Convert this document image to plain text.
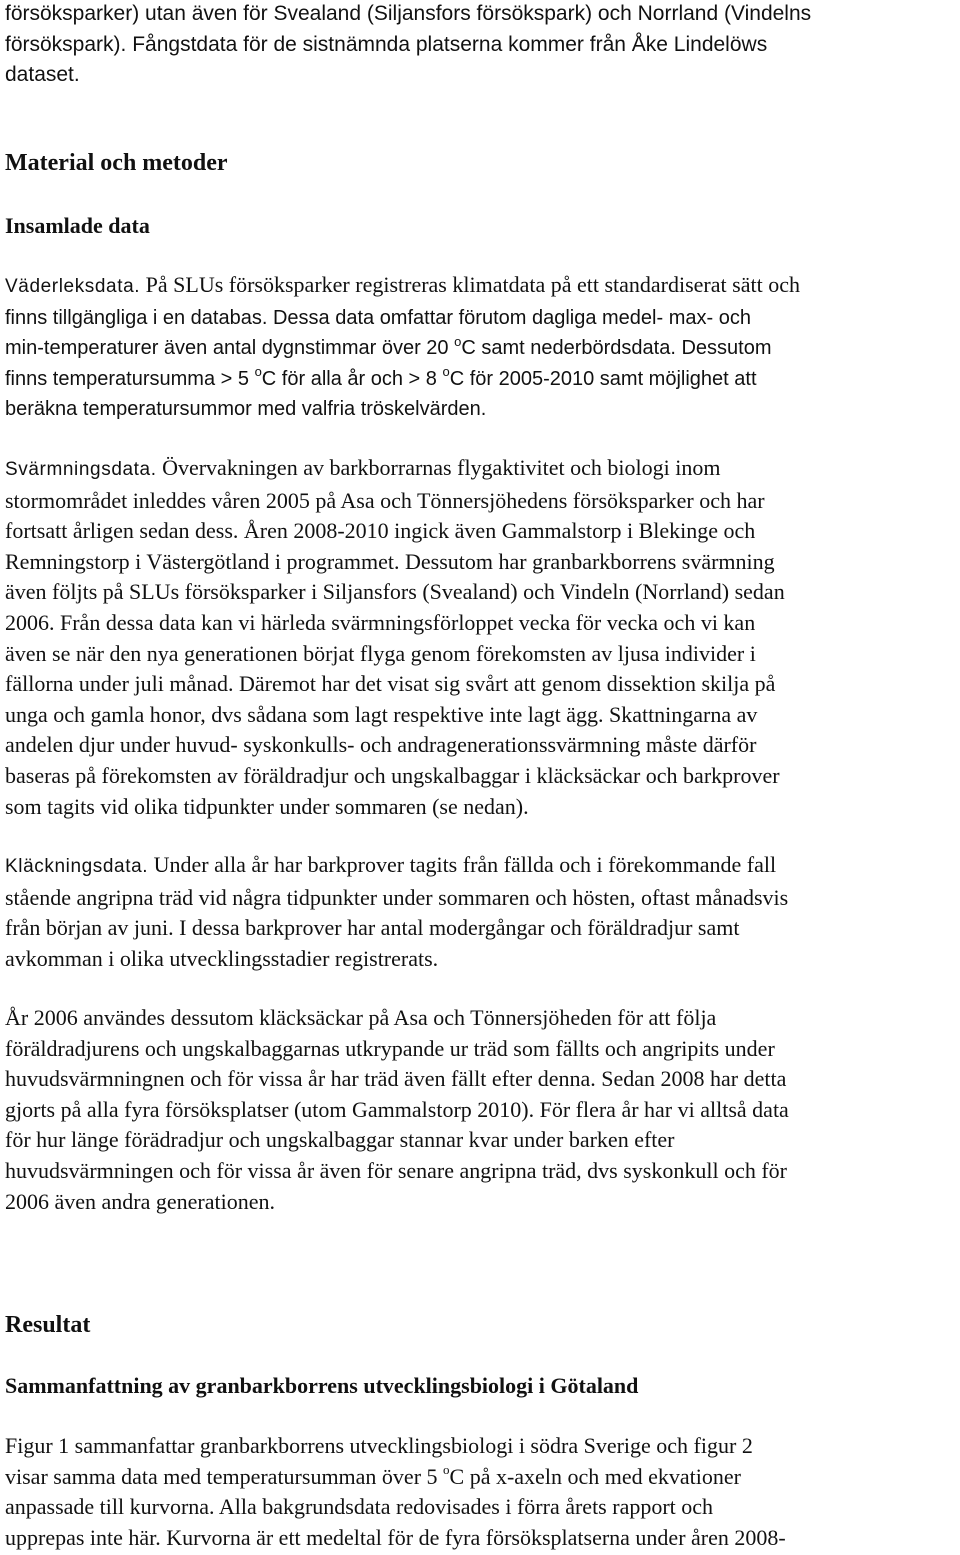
försöksparker) utan även för Svealand (Siljansfors försökspark) och Norrland (Vindelns
försökspark). Fångstdata för de sistnämnda platserna kommer från Åke Lindelöws
dataset.

Material och metoder
Insamlade data

Väderleksdata. På SLUs försöksparker registreras klimatdata på ett standardiserat sätt och
finns tillgängliga i en databas. Dessa data omfattar förutom dagliga medel- max- och
min-temperaturer även antal dygnstimmar över 20 $^o$C samt nederbördsdata. Dessutom
finns temperatursumma > 5 $^o$C för alla år och > 8 $^o$C för 2005-2010 samt möjlighet att
beräkna temperatursummor med valfria tröskelvärden.

Svärmningsdata. Övervakningen av barkborrarnas flygaktivitet och biologi inom
stormområdet inleddes våren 2005 på Asa och Tönnersjöhedens försöksparker och har
fortsatt årligen sedan dess. Åren 2008-2010 ingick även Gammalstorp i Blekinge och
Remningstorp i Västergötland i programmet. Dessutom har granbarkborrens svärmning
även följts på SLUs försöksparker i Siljansfors (Svealand) och Vindeln (Norrland) sedan
2006. Från dessa data kan vi härleda svärmningsförloppet vecka för vecka och vi kan
även se när den nya generationen börjat flyga genom förekomsten av ljusa individer i
fällorna under juli månad. Däremot har det visat sig svårt att genom dissektion skilja på
unga och gamla honor, dvs sådana som lagt respektive inte lagt ägg. Skattningarna av
andelen djur under huvud- syskonkulls- och andragenerationssvärmning måste därför
baseras på förekomsten av föräldradjur och ungskalbaggar i kläcksäckar och barkprover
som tagits vid olika tidpunkter under sommaren (se nedan).

Kläckningsdata. Under alla år har barkprover tagits från fällda och i förekommande fall
stående angripna träd vid några tidpunkter under sommaren och hösten, oftast månadsvis
från början av juni. I dessa barkprover har antal modergångar och föräldradjur samt
avkomman i olika utvecklingsstadier registrerats.

År 2006 användes dessutom kläcksäckar på Asa och Tönnersjöheden för att följa
föräldradjurens och ungskalbaggarnas utkrypande ur träd som fällts och angripits under
huvudsvärmningnen och för vissa år har träd även fällt efter denna. Sedan 2008 har detta
gjorts på alla fyra försöksplatser (utom Gammalstorp 2010). För flera år har vi alltså data
för hur länge förädradjur och ungskalbaggar stannar kvar under barken efter
huvudsvärmningen och för vissa år även för senare angripna träd, dvs syskonkull och för
2006 även andra generationen.

Resultat
Sammanfattning av granbarkborrens utvecklingsbiologi i Götaland

Figur 1 sammanfattar granbarkborrens utvecklingsbiologi i södra Sverige och figur 2
visar samma data med temperatursumman över 5 $^o$C på x-axeln och med ekvationer
anpassade till kurvorna. Alla bakgrundsdata redovisades i förra årets rapport och
upprepas inte här. Kurvorna är ett medeltal för de fyra försöksplatserna under åren 2008-
